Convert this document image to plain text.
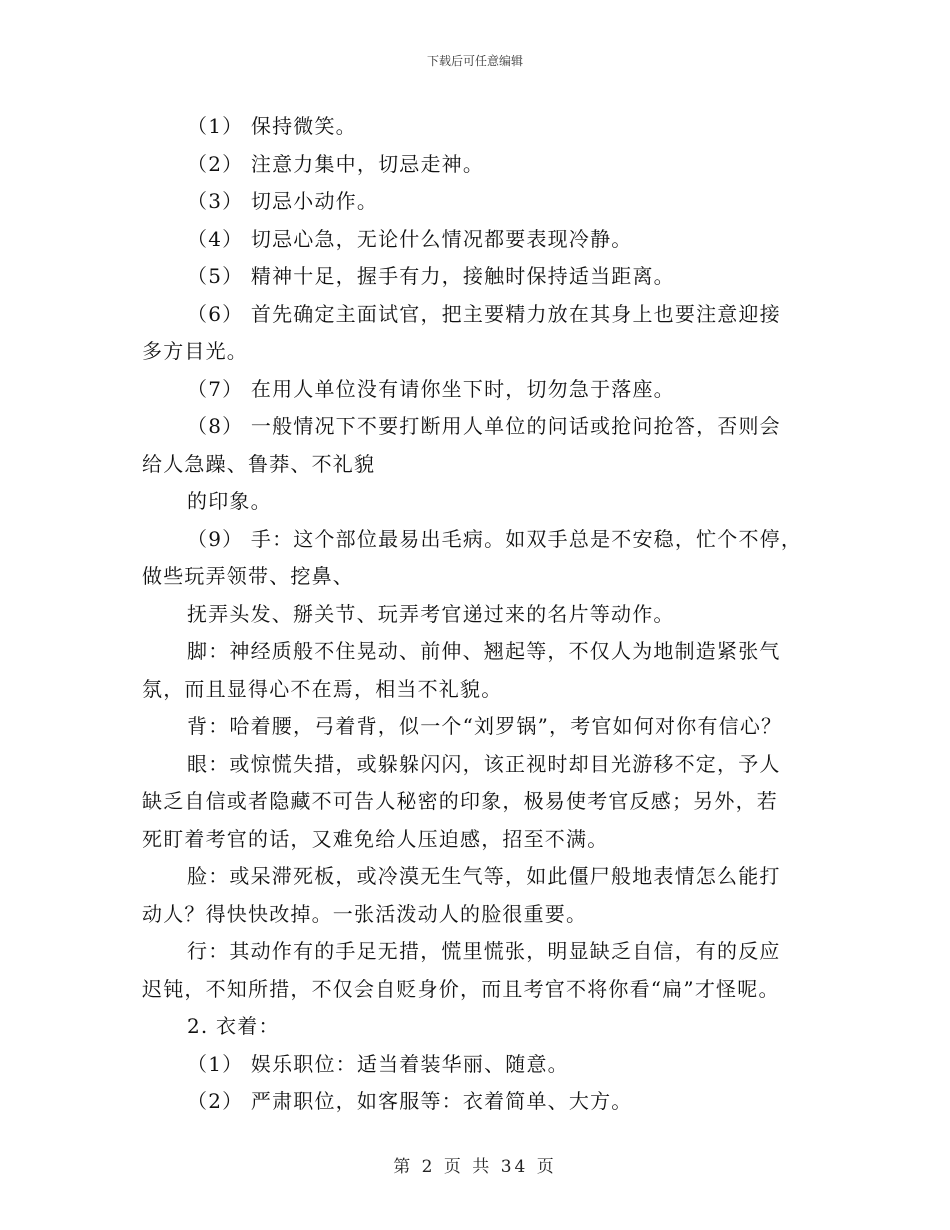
下载后可任意编辑
（1） 保持微笑。
（2） 注意力集中，切忌走神。
（3） 切忌小动作。
（4） 切忌心急，无论什么情况都要表现冷静。
（5） 精神十足，握手有力，接触时保持适当距离。
（6） 首先确定主面试官，把主要精力放在其身上也要注意迎接
多方目光。
（7） 在用人单位没有请你坐下时，切勿急于落座。
（8） 一般情况下不要打断用人单位的问话或抢问抢答，否则会
给人急躁、鲁莽、不礼貌
的印象。
（9） 手：这个部位最易出毛病。如双手总是不安稳，忙个不停，
做些玩弄领带、挖鼻、
抚弄头发、掰关节、玩弄考官递过来的名片等动作。
脚：神经质般不住晃动、前伸、翘起等，不仅人为地制造紧张气
氛，而且显得心不在焉，相当不礼貌。
背：哈着腰，弓着背，似一个“刘罗锅”，考官如何对你有信心？
眼：或惊慌失措，或躲躲闪闪，该正视时却目光游移不定，予人
缺乏自信或者隐藏不可告人秘密的印象，极易使考官反感；另外，若
死盯着考官的话，又难免给人压迫感，招至不满。
脸：或呆滞死板，或冷漠无生气等，如此僵尸般地表情怎么能打
动人？得快快改掉。一张活泼动人的脸很重要。
行：其动作有的手足无措，慌里慌张，明显缺乏自信，有的反应
迟钝，不知所措，不仅会自贬身价，而且考官不将你看“扁”才怪呢。
2. 衣着：
（1） 娱乐职位：适当着装华丽、随意。
（2） 严肃职位，如客服等：衣着简单、大方。
第 2 页 共 34 页
